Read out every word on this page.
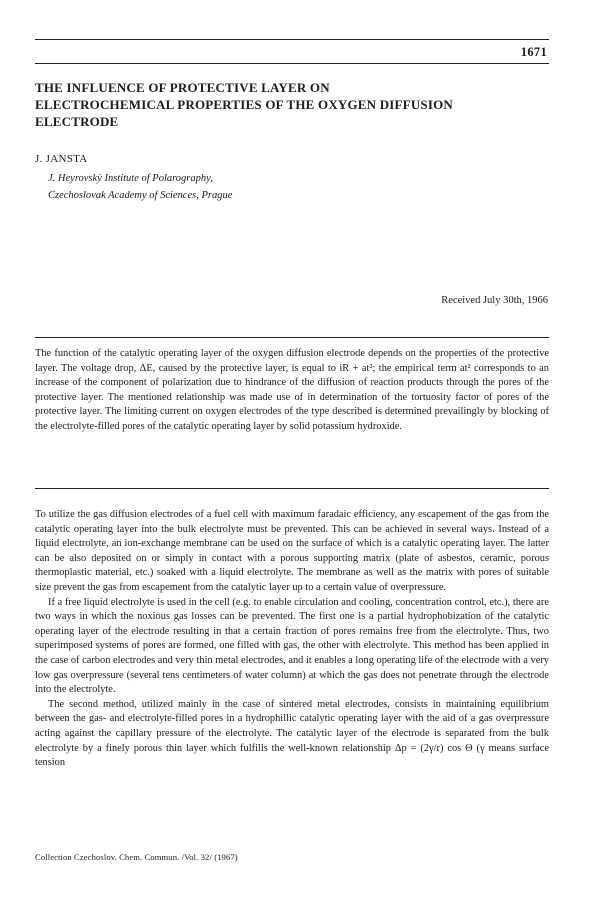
1671
THE INFLUENCE OF PROTECTIVE LAYER ON ELECTROCHEMICAL PROPERTIES OF THE OXYGEN DIFFUSION ELECTRODE
J. JANSTA
J. Heyrovský Institute of Polarography,
Czechoslovak Academy of Sciences, Prague
Received July 30th, 1966

The function of the catalytic operating layer of the oxygen diffusion electrode depends on the properties of the protective layer. The voltage drop, ΔE, caused by the protective layer, is equal to iR + at²; the empirical term at² corresponds to an increase of the component of polarization due to hindrance of the diffusion of reaction products through the pores of the protective layer. The mentioned relationship was made use of in determination of the tortuosity factor of pores of the protective layer. The limiting current on oxygen electrodes of the type described is determined prevailingly by blocking of the electrolyte-filled pores of the catalytic operating layer by solid potassium hydroxide.

To utilize the gas diffusion electrodes of a fuel cell with maximum faradaic efficiency, any escapement of the gas from the catalytic operating layer into the bulk electrolyte must be prevented. This can be achieved in several ways. Instead of a liquid electrolyte, an ion-exchange membrane can be used on the surface of which is a catalytic operating layer. The latter can be also deposited on or simply in contact with a porous supporting matrix (plate of asbestos, ceramic, porous thermoplastic material, etc.) soaked with a liquid electrolyte. The membrane as well as the matrix with pores of suitable size prevent the gas from escapement from the catalytic layer up to a certain value of overpressure.

If a free liquid electrolyte is used in the cell (e.g. to enable circulation and cooling, concentration control, etc.), there are two ways in which the noxious gas losses can be prevented. The first one is a partial hydrophobization of the catalytic operating layer of the electrode resulting in that a certain fraction of pores remains free from the electrolyte. Thus, two superimposed systems of pores are formed, one filled with gas, the other with electrolyte. This method has been applied in the case of carbon electrodes and very thin metal electrodes, and it enables a long operating life of the electrode with a very low gas overpressure (several tens centimeters of water column) at which the gas does not penetrate through the electrode into the electrolyte.

The second method, utilized mainly in the case of sintered metal electrodes, consists in maintaining equilibrium between the gas- and electrolyte-filled pores in a hydrophillic catalytic operating layer with the aid of a gas overpressure acting against the capillary pressure of the electrolyte. The catalytic layer of the electrode is separated from the bulk electrolyte by a finely porous thin layer which fulfills the well-known relationship Δp = (2γ/r) cos Θ (γ means surface tension

Collection Czechoslov. Chem. Commun. /Vol. 32/ (1967)
